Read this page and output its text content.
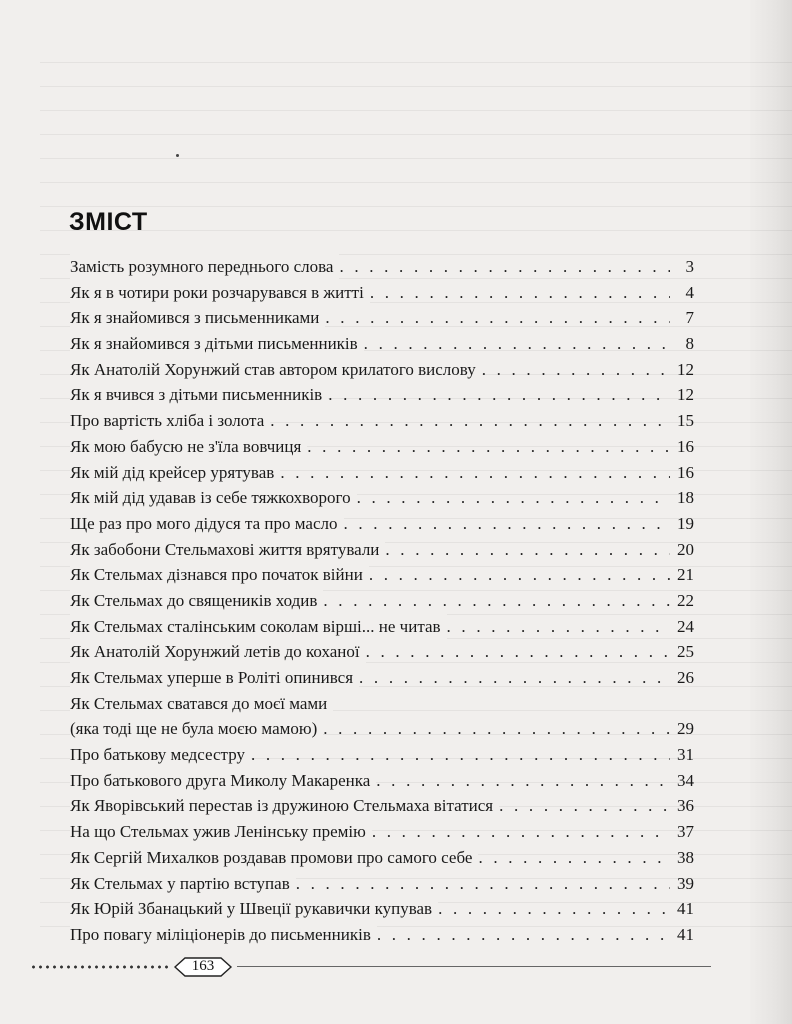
ЗМІСТ
Замість розумного переднього слова . . .	3
Як я в чотири роки розчарувався в житті . . .	4
Як я знайомився з письменниками . . .	7
Як я знайомився з дітьми письменників . . .	8
Як Анатолій Хорунжий став автором крилатого вислову . . .	12
Як я вчився з дітьми письменників . . .	12
Про вартість хліба і золота . . .	15
Як мою бабусю не з'їла вовчиця . . .	16
Як мій дід крейсер урятував . . .	16
Як мій дід удавав із себе тяжкохворого . . .	18
Ще раз про мого дідуся та про масло . . .	19
Як забобони Стельмахові життя врятували . . .	20
Як Стельмах дізнався про початок війни . . .	21
Як Стельмах до священиків ходив . . .	22
Як Стельмах сталінським соколам вірші... не читав . . .	24
Як Анатолій Хорунжий летів до коханої . . .	25
Як Стельмах уперше в Роліті опинився . . .	26
Як Стельмах сватався до моєї мами
(яка тоді ще не була моєю мамою) . . .	29
Про батькову медсестру . . .	31
Про батькового друга Миколу Макаренка . . .	34
Як Яворівський перестав із дружиною Стельмаха вітатися . . .	36
На що Стельмах ужив Ленінську премію . . .	37
Як Сергій Михалков роздавав промови про самого себе . . .	38
Як Стельмах у партію вступав . . .	39
Як Юрій Збанацький у Швеції рукавички купував . . .	41
Про повагу міліціонерів до письменників . . .	41
163
